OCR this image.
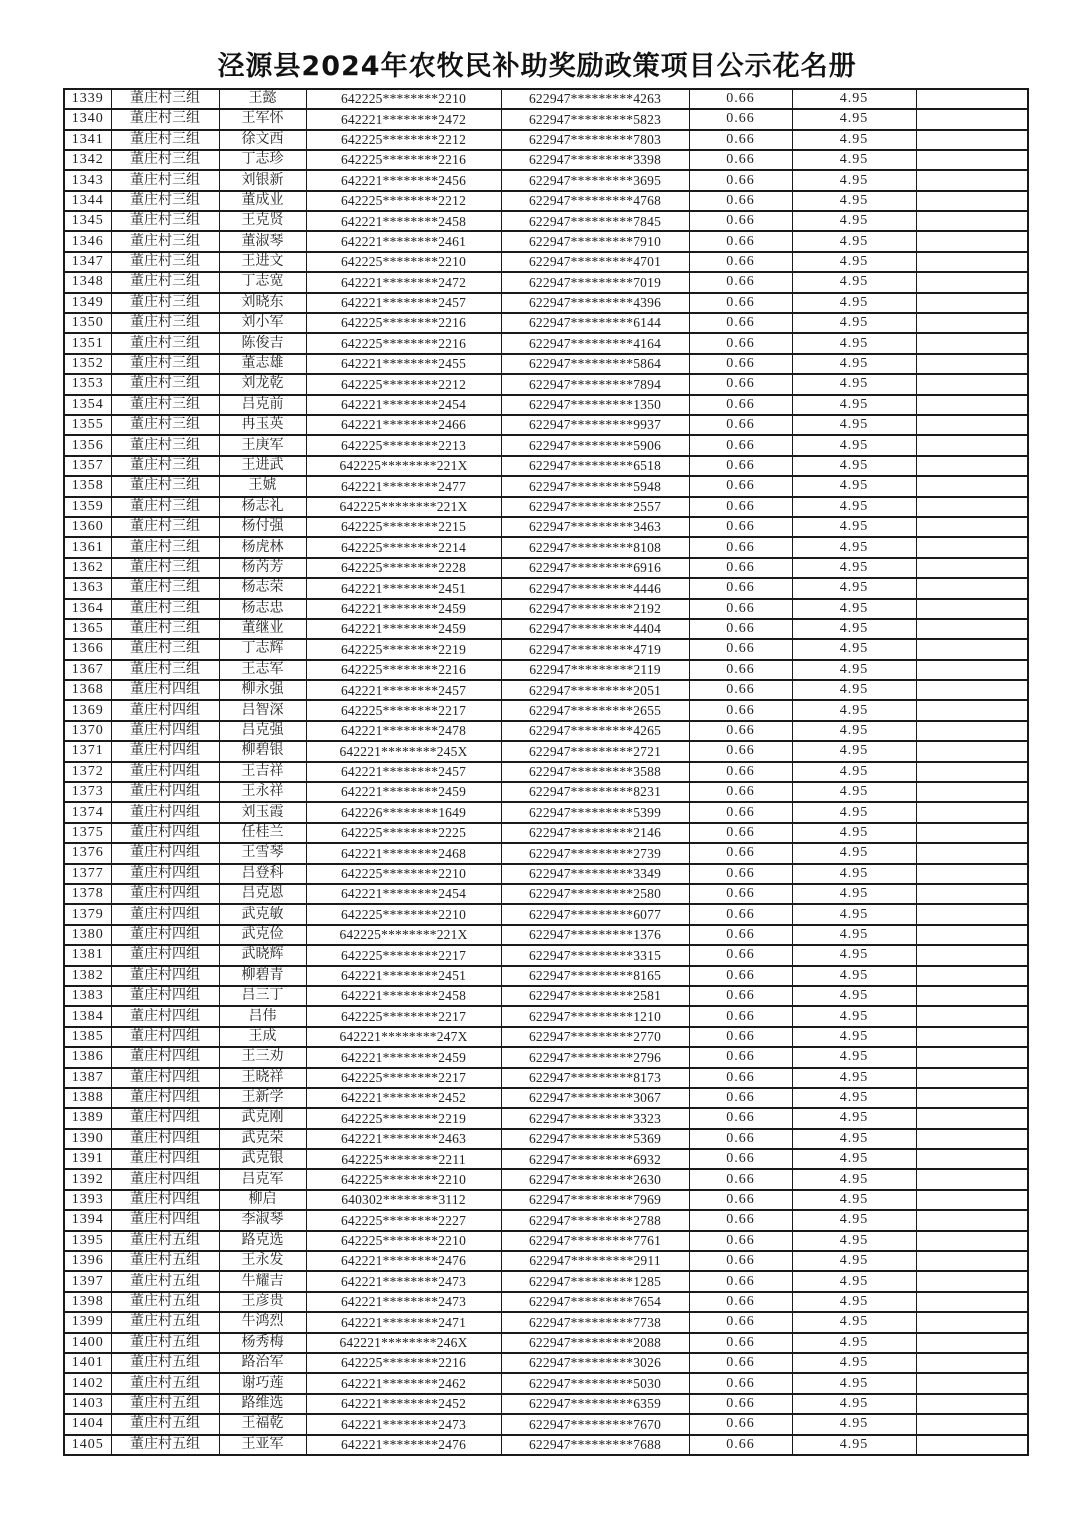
泾源县2024年农牧民补助奖励政策项目公示花名册
1339	董庄村三组	王懿	642225********2210	622947*********4263	0.66	4.95	
1340	董庄村三组	王军怀	642221********2472	622947*********5823	0.66	4.95	
1341	董庄村三组	徐文西	642225********2212	622947*********7803	0.66	4.95	
1342	董庄村三组	丁志珍	642225********2216	622947*********3398	0.66	4.95	
1343	董庄村三组	刘银新	642221********2456	622947*********3695	0.66	4.95	
1344	董庄村三组	董成业	642225********2212	622947*********4768	0.66	4.95	
1345	董庄村三组	王克贤	642221********2458	622947*********7845	0.66	4.95	
1346	董庄村三组	董淑琴	642221********2461	622947*********7910	0.66	4.95	
1347	董庄村三组	王进文	642225********2210	622947*********4701	0.66	4.95	
1348	董庄村三组	丁志宽	642221********2472	622947*********7019	0.66	4.95	
1349	董庄村三组	刘晓东	642221********2457	622947*********4396	0.66	4.95	
1350	董庄村三组	刘小军	642225********2216	622947*********6144	0.66	4.95	
1351	董庄村三组	陈俊吉	642225********2216	622947*********4164	0.66	4.95	
1352	董庄村三组	董志雄	642221********2455	622947*********5864	0.66	4.95	
1353	董庄村三组	刘龙乾	642225********2212	622947*********7894	0.66	4.95	
1354	董庄村三组	吕克前	642221********2454	622947*********1350	0.66	4.95	
1355	董庄村三组	冉玉英	642221********2466	622947*********9937	0.66	4.95	
1356	董庄村三组	王庚军	642225********2213	622947*********5906	0.66	4.95	
1357	董庄村三组	王进武	642225********221X	622947*********6518	0.66	4.95	
1358	董庄村三组	王婋	642221********2477	622947*********5948	0.66	4.95	
1359	董庄村三组	杨志礼	642225********221X	622947*********2557	0.66	4.95	
1360	董庄村三组	杨付强	642225********2215	622947*********3463	0.66	4.95	
1361	董庄村三组	杨虎林	642225********2214	622947*********8108	0.66	4.95	
1362	董庄村三组	杨芮芳	642225********2228	622947*********6916	0.66	4.95	
1363	董庄村三组	杨志荣	642221********2451	622947*********4446	0.66	4.95	
1364	董庄村三组	杨志忠	642221********2459	622947*********2192	0.66	4.95	
1365	董庄村三组	董继业	642221********2459	622947*********4404	0.66	4.95	
1366	董庄村三组	丁志辉	642225********2219	622947*********4719	0.66	4.95	
1367	董庄村三组	王志军	642225********2216	622947*********2119	0.66	4.95	
1368	董庄村四组	柳永强	642221********2457	622947*********2051	0.66	4.95	
1369	董庄村四组	吕智深	642225********2217	622947*********2655	0.66	4.95	
1370	董庄村四组	吕克强	642221********2478	622947*********4265	0.66	4.95	
1371	董庄村四组	柳碧银	642221********245X	622947*********2721	0.66	4.95	
1372	董庄村四组	王吉祥	642221********2457	622947*********3588	0.66	4.95	
1373	董庄村四组	王永祥	642221********2459	622947*********8231	0.66	4.95	
1374	董庄村四组	刘玉霞	642226********1649	622947*********5399	0.66	4.95	
1375	董庄村四组	任桂兰	642225********2225	622947*********2146	0.66	4.95	
1376	董庄村四组	王雪琴	642221********2468	622947*********2739	0.66	4.95	
1377	董庄村四组	吕登科	642225********2210	622947*********3349	0.66	4.95	
1378	董庄村四组	吕克恩	642221********2454	622947*********2580	0.66	4.95	
1379	董庄村四组	武克敏	642225********2210	622947*********6077	0.66	4.95	
1380	董庄村四组	武克俭	642225********221X	622947*********1376	0.66	4.95	
1381	董庄村四组	武晓辉	642225********2217	622947*********3315	0.66	4.95	
1382	董庄村四组	柳碧青	642221********2451	622947*********8165	0.66	4.95	
1383	董庄村四组	吕三丁	642221********2458	622947*********2581	0.66	4.95	
1384	董庄村四组	吕伟	642225********2217	622947*********1210	0.66	4.95	
1385	董庄村四组	王成	642221********247X	622947*********2770	0.66	4.95	
1386	董庄村四组	王三劝	642221********2459	622947*********2796	0.66	4.95	
1387	董庄村四组	王晓祥	642225********2217	622947*********8173	0.66	4.95	
1388	董庄村四组	王新学	642221********2452	622947*********3067	0.66	4.95	
1389	董庄村四组	武克刚	642225********2219	622947*********3323	0.66	4.95	
1390	董庄村四组	武克荣	642221********2463	622947*********5369	0.66	4.95	
1391	董庄村四组	武克银	642225********2211	622947*********6932	0.66	4.95	
1392	董庄村四组	吕克军	642225********2210	622947*********2630	0.66	4.95	
1393	董庄村四组	柳启	640302********3112	622947*********7969	0.66	4.95	
1394	董庄村四组	李淑琴	642225********2227	622947*********2788	0.66	4.95	
1395	董庄村五组	路克选	642225********2210	622947*********7761	0.66	4.95	
1396	董庄村五组	王永发	642221********2476	622947*********2911	0.66	4.95	
1397	董庄村五组	牛耀吉	642221********2473	622947*********1285	0.66	4.95	
1398	董庄村五组	王彦贵	642221********2473	622947*********7654	0.66	4.95	
1399	董庄村五组	牛鸿烈	642221********2471	622947*********7738	0.66	4.95	
1400	董庄村五组	杨秀梅	642221********246X	622947*********2088	0.66	4.95	
1401	董庄村五组	路治军	642225********2216	622947*********3026	0.66	4.95	
1402	董庄村五组	谢巧莲	642221********2462	622947*********5030	0.66	4.95	
1403	董庄村五组	路维选	642221********2452	622947*********6359	0.66	4.95	
1404	董庄村五组	王福乾	642221********2473	622947*********7670	0.66	4.95	
1405	董庄村五组	王亚军	642221********2476	622947*********7688	0.66	4.95	
